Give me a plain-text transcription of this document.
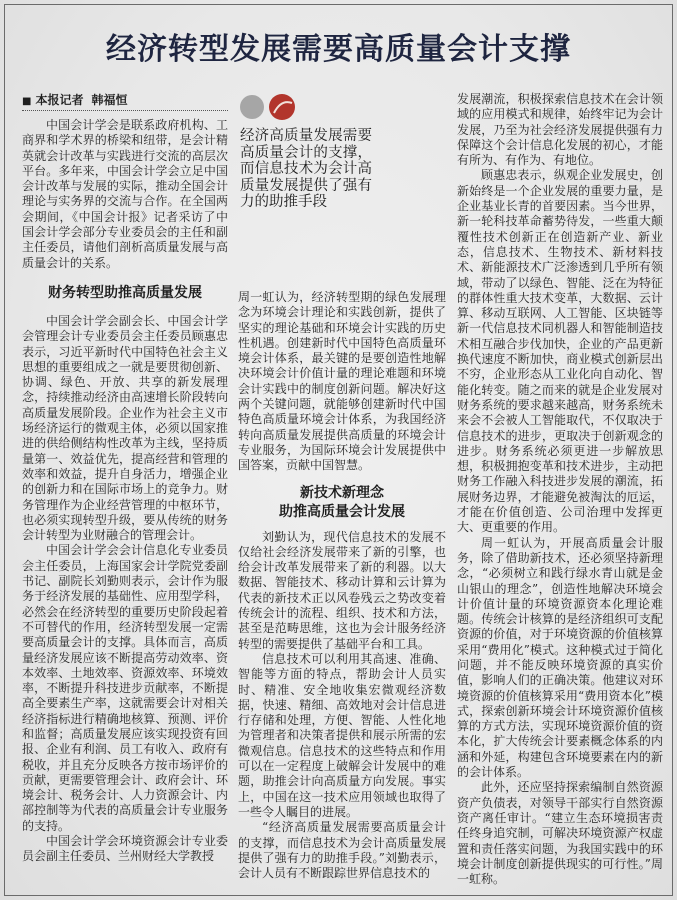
经济转型发展需要高质量会计支撑
■ 本报记者 韩福恒

经济高质量发展需要高质量会计的支撑，而信息技术为会计高质量发展提供了强有力的助推手段

中国会计学会是联系政府机构、工商界和学术界的桥梁和纽带，是会计精英就会计改革与实践进行交流的高层次平台。多年来，中国会计学会立足中国会计改革与发展的实际，推动全国会计理论与实务界的交流与合作。在全国两会期间，《中国会计报》记者采访了中国会计学会部分专业委员会的主任和副主任委员，请他们剖析高质量发展与高质量会计的关系。

财务转型助推高质量发展

中国会计学会副会长、中国会计学会管理会计专业委员会主任委员顾惠忠表示，习近平新时代中国特色社会主义思想的重要组成之一就是要贯彻创新、协调、绿色、开放、共享的新发展理念，持续推动经济由高速增长阶段转向高质量发展阶段。企业作为社会主义市场经济运行的微观主体，必须以国家推进的供给侧结构性改革为主线，坚持质量第一、效益优先，提高经营和管理的效率和效益，提升自身活力，增强企业的创新力和在国际市场上的竞争力。财务管理作为企业经营管理的中枢环节，也必须实现转型升级，要从传统的财务会计转型为业财融合的管理会计。

中国会计学会会计信息化专业委员会主任委员，上海国家会计学院党委副书记、副院长刘勤则表示，会计作为服务于经济发展的基础性、应用型学科，必然会在经济转型的重要历史阶段起着不可替代的作用，经济转型发展一定需要高质量会计的支撑。具体而言，高质量经济发展应该不断提高劳动效率、资本效率、土地效率、资源效率、环境效率，不断提升科技进步贡献率，不断提高全要素生产率，这就需要会计对相关经济指标进行精确地核算、预测、评价和监督；高质量发展应该实现投资有回报、企业有利润、员工有收入、政府有税收，并且充分反映各方按市场评价的贡献，更需要管理会计、政府会计、环境会计、税务会计、人力资源会计、内部控制等为代表的高质量会计专业服务的支持。

中国会计学会环境资源会计专业委员会副主任委员、兰州财经大学教授

周一虹认为，经济转型期的绿色发展理念为环境会计理论和实践创新，提供了坚实的理论基础和环境会计实践的历史性机遇。创建新时代中国特色高质量环境会计体系，最关键的是要创造性地解决环境会计价值计量的理论难题和环境会计实践中的制度创新问题。解决好这两个关键问题，就能够创建新时代中国特色高质量环境会计体系，为我国经济转向高质量发展提供高质量的环境会计专业服务，为国际环境会计发展提供中国答案，贡献中国智慧。

新技术新理念
助推高质量会计发展

刘勤认为，现代信息技术的发展不仅给社会经济发展带来了新的引擎，也给会计改革发展带来了新的利器。以大数据、智能技术、移动计算和云计算为代表的新技术正以风卷残云之势改变着传统会计的流程、组织、技术和方法，甚至是范畴思维，这也为会计服务经济转型的需要提供了基础平台和工具。

信息技术可以利用其高速、准确、智能等方面的特点，帮助会计人员实时、精准、安全地收集宏微观经济数据，快速、精细、高效地对会计信息进行存储和处理，方便、智能、人性化地为管理者和决策者提供和展示所需的宏微观信息。信息技术的这些特点和作用可以在一定程度上破解会计发展中的难题，助推会计向高质量方向发展。事实上，中国在这一技术应用领域也取得了一些令人瞩目的进展。

“经济高质量发展需要高质量会计的支撑，而信息技术为会计高质量发展提供了强有力的助推手段。”刘勤表示，会计人员有不断跟踪世界信息技术的

发展潮流，积极探索信息技术在会计领域的应用模式和规律，始终牢记为会计发展，乃至为社会经济发展提供强有力保障这个会计信息化发展的初心，才能有所为、有作为、有地位。

顾惠忠表示，纵观企业发展史，创新始终是一个企业发展的重要力量，是企业基业长青的首要因素。当今世界，新一轮科技革命蓄势待发，一些重大颠覆性技术创新正在创造新产业、新业态，信息技术、生物技术、新材料技术、新能源技术广泛渗透到几乎所有领域，带动了以绿色、智能、泛在为特征的群体性重大技术变革，大数据、云计算、移动互联网、人工智能、区块链等新一代信息技术同机器人和智能制造技术相互融合步伐加快，企业的产品更新换代速度不断加快，商业模式创新层出不穷，企业形态从工业化向自动化、智能化转变。随之而来的就是企业发展对财务系统的要求越来越高，财务系统未来会不会被人工智能取代，不仅取决于信息技术的进步，更取决于创新观念的进步。财务系统必须更进一步解放思想，积极拥抱变革和技术进步，主动把财务工作融入科技进步发展的潮流，拓展财务边界，才能避免被淘汰的厄运，才能在价值创造、公司治理中发挥更大、更重要的作用。

周一虹认为，开展高质量会计服务，除了借助新技术，还必须坚持新理念，“必须树立和践行绿水青山就是金山银山的理念”，创造性地解决环境会计价值计量的环境资源资本化理论难题。传统会计核算的是经济组织可支配资源的价值，对于环境资源的价值核算采用“费用化”模式。这种模式过于简化问题，并不能反映环境资源的真实价值，影响人们的正确决策。他建议对环境资源的价值核算采用“费用资本化”模式，探索创新环境会计环境资源价值核算的方式方法，实现环境资源价值的资本化，扩大传统会计要素概念体系的内涵和外延，构建包含环境要素在内的新的会计体系。

此外，还应坚持探索编制自然资源资产负债表，对领导干部实行自然资源资产离任审计。“建立生态环境损害责任终身追究制，可解决环境资源产权虚置和责任落实问题，为我国实践中的环境会计制度创新提供现实的可行性。”周一虹称。
